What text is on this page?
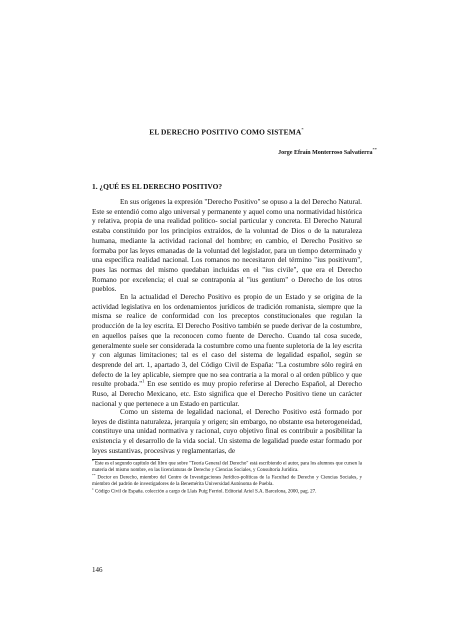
EL DERECHO POSITIVO COMO SISTEMA*
Jorge Efraín Monterroso Salvatierra**
1. ¿QUÉ ES EL DERECHO POSITIVO?

En sus orígenes la expresión "Derecho Positivo" se opuso a la del Derecho Natural. Este se entendió como algo universal y permanente y aquel como una normatividad histórica y relativa, propia de una realidad político- social particular y concreta. El Derecho Natural estaba constituido por los principios extraídos, de la voluntad de Dios o de la naturaleza humana, mediante la actividad racional del hombre; en cambio, el Derecho Positivo se formaba por las leyes emanadas de la voluntad del legislador, para un tiempo determinado y una específica realidad nacional. Los romanos no necesitaron del término "ius positivum", pues las normas del mismo quedaban incluidas en el "ius civile", que era el Derecho Romano por excelencia; el cual se contraponía al "ius gentium" o Derecho de los otros pueblos.

En la actualidad el Derecho Positivo es propio de un Estado y se origina de la actividad legislativa en los ordenamientos jurídicos de tradición romanista, siempre que la misma se realice de conformidad con los preceptos constitucionales que regulan la producción de la ley escrita. El Derecho Positivo también se puede derivar de la costumbre, en aquellos países que la reconocen como fuente de Derecho. Cuando tal cosa sucede, generalmente suele ser considerada la costumbre como una fuente supletoria de la ley escrita y con algunas limitaciones; tal es el caso del sistema de legalidad español, según se desprende del art. 1, apartado 3, del Código Civil de España: "La costumbre sólo regirá en defecto de la ley aplicable, siempre que no sea contraria a la moral o al orden público y que resulte probada."$^1$ En ese sentido es muy propio referirse al Derecho Español, al Derecho Ruso, al Derecho Mexicano, etc. Esto significa que el Derecho Positivo tiene un carácter nacional y que pertenece a un Estado en particular.

Como un sistema de legalidad nacional, el Derecho Positivo está formado por leyes de distinta naturaleza, jerarquía y origen; sin embargo, no obstante esa heterogeneidad, constituye una unidad normativa y racional, cuyo objetivo final es contribuir a posibilitar la existencia y el desarrollo de la vida social. Un sistema de legalidad puede estar formado por leyes sustantivas, procesivas y reglamentarias, de

* Este es el segundo capítulo del libro que sobre "Teoría General del Derecho" está escribiendo el autor, para los alumnos que cursen la materia del mismo nombre, en las licenciaturas de Derecho y Ciencias Sociales, y Consultoría Jurídica.

** Doctor en Derecho, miembro del Centro de Investigaciones Jurídico-políticas de la Facultad de Derecho y Ciencias Sociales, y miembro del padrón de investigadores de la Benemérita Universidad Autónoma de Puebla.

$^1$ Código Civil de España. colección a cargo de Llais Puig Ferriol. Editorial Ariel S.A. Barcelona, 2000, pag. 27.

146
